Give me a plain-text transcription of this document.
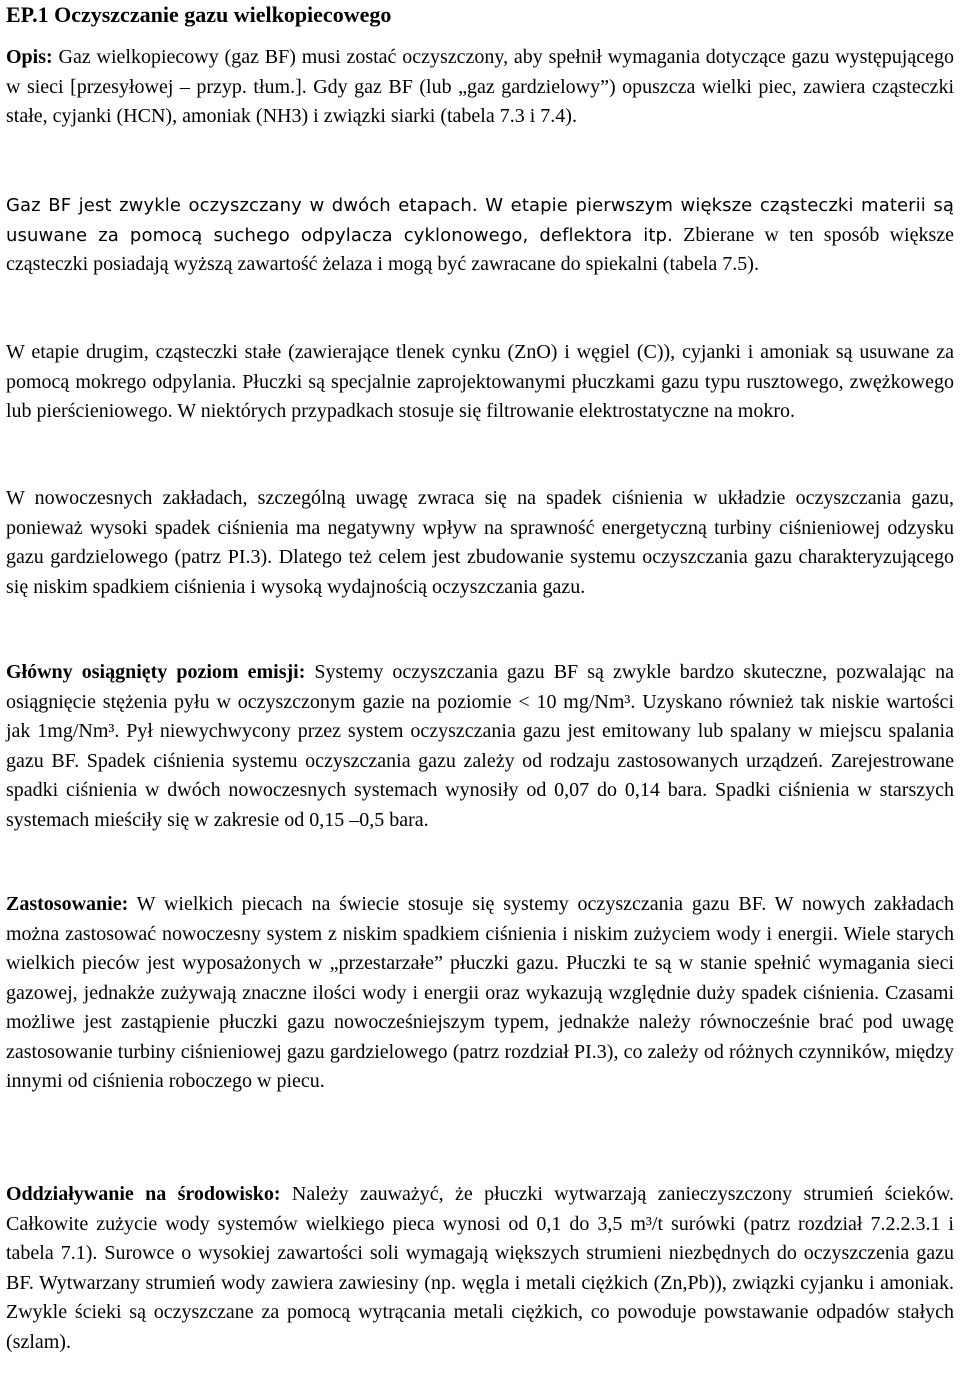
EP.1 Oczyszczanie gazu wielkopiecowego

Opis: Gaz wielkopiecowy (gaz BF) musi zostać oczyszczony, aby spełnił wymagania dotyczące gazu występującego w sieci [przesyłowej – przyp. tłum.]. Gdy gaz BF (lub „gaz gardzielowy”) opuszcza wielki piec, zawiera cząsteczki stałe, cyjanki (HCN), amoniak (NH3) i związki siarki (tabela 7.3 i 7.4).

Gaz BF jest zwykle oczyszczany w dwóch etapach. W etapie pierwszym większe cząsteczki materii są usuwane za pomocą suchego odpylacza cyklonowego, deflektora itp. Zbierane w ten sposób większe cząsteczki posiadają wyższą zawartość żelaza i mogą być zawracane do spiekalni (tabela 7.5).

W etapie drugim, cząsteczki stałe (zawierające tlenek cynku (ZnO) i węgiel (C)), cyjanki i amoniak są usuwane za pomocą mokrego odpylania. Płuczki są specjalnie zaprojektowanymi płuczkami gazu typu rusztowego, zwężkowego lub pierścieniowego. W niektórych przypadkach stosuje się filtrowanie elektrostatyczne na mokro.

W nowoczesnych zakładach, szczególną uwagę zwraca się na spadek ciśnienia w układzie oczyszczania gazu, ponieważ wysoki spadek ciśnienia ma negatywny wpływ na sprawność energetyczną turbiny ciśnieniowej odzysku gazu gardzielowego (patrz PI.3). Dlatego też celem jest zbudowanie systemu oczyszczania gazu charakteryzującego się niskim spadkiem ciśnienia i wysoką wydajnością oczyszczania gazu.

Główny osiągnięty poziom emisji: Systemy oczyszczania gazu BF są zwykle bardzo skuteczne, pozwalając na osiągnięcie stężenia pyłu w oczyszczonym gazie na poziomie < 10 mg/Nm³. Uzyskano również tak niskie wartości jak 1mg/Nm³. Pył niewychwycony przez system oczyszczania gazu jest emitowany lub spalany w miejscu spalania gazu BF. Spadek ciśnienia systemu oczyszczania gazu zależy od rodzaju zastosowanych urządzeń. Zarejestrowane spadki ciśnienia w dwóch nowoczesnych systemach wynosiły od 0,07 do 0,14 bara. Spadki ciśnienia w starszych systemach mieściły się w zakresie od 0,15 –0,5 bara.

Zastosowanie: W wielkich piecach na świecie stosuje się systemy oczyszczania gazu BF. W nowych zakładach można zastosować nowoczesny system z niskim spadkiem ciśnienia i niskim zużyciem wody i energii. Wiele starych wielkich pieców jest wyposażonych w „przestarzałe” płuczki gazu. Płuczki te są w stanie spełnić wymagania sieci gazowej, jednakże zużywają znaczne ilości wody i energii oraz wykazują względnie duży spadek ciśnienia. Czasami możliwe jest zastąpienie płuczki gazu nowocześniejszym typem, jednakże należy równocześnie brać pod uwagę zastosowanie turbiny ciśnieniowej gazu gardzielowego (patrz rozdział PI.3), co zależy od różnych czynników, między innymi od ciśnienia roboczego w piecu.

Oddziaływanie na środowisko: Należy zauważyć, że płuczki wytwarzają zanieczyszczony strumień ścieków. Całkowite zużycie wody systemów wielkiego pieca wynosi od 0,1 do 3,5 m³/t surówki (patrz rozdział 7.2.2.3.1 i tabela 7.1). Surowce o wysokiej zawartości soli wymagają większych strumieni niezbędnych do oczyszczenia gazu BF. Wytwarzany strumień wody zawiera zawiesiny (np. węgla i metali ciężkich (Zn,Pb)), związki cyjanku i amoniak. Zwykle ścieki są oczyszczane za pomocą wytrącania metali ciężkich, co powoduje powstawanie odpadów stałych (szlam).
